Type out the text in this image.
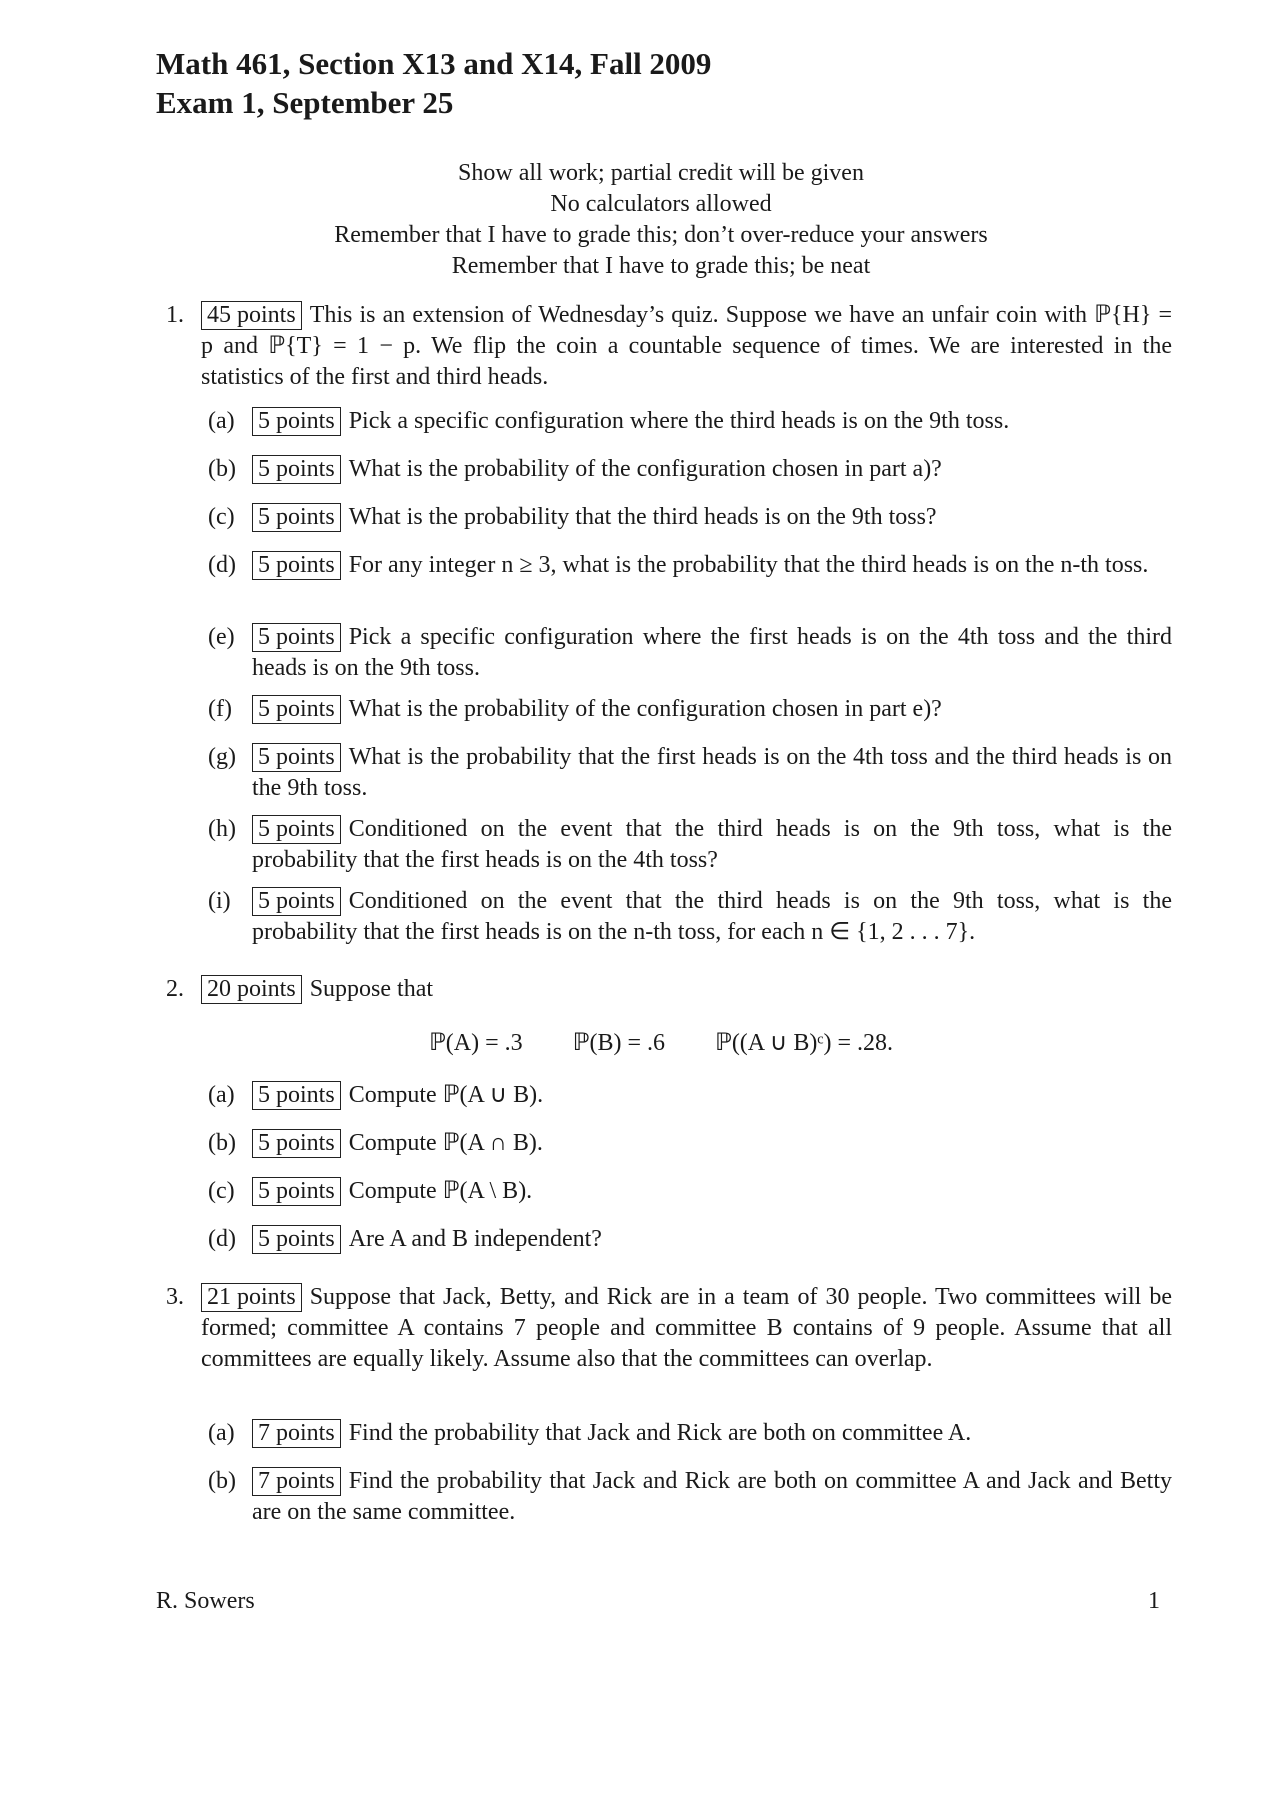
Math 461, Section X13 and X14, Fall 2009
Exam 1, September 25
Show all work; partial credit will be given
No calculators allowed
Remember that I have to grade this; don’t over-reduce your answers
Remember that I have to grade this; be neat
1. 45 points This is an extension of Wednesday’s quiz. Suppose we have an unfair coin with ℙ{H} = p and ℙ{T} = 1 − p. We flip the coin a countable sequence of times. We are interested in the statistics of the first and third heads.
(a) 5 points Pick a specific configuration where the third heads is on the 9th toss.
(b) 5 points What is the probability of the configuration chosen in part a)?
(c) 5 points What is the probability that the third heads is on the 9th toss?
(d) 5 points For any integer n ≥ 3, what is the probability that the third heads is on the n-th toss.
(e) 5 points Pick a specific configuration where the first heads is on the 4th toss and the third heads is on the 9th toss.
(f)	5 points What is the probability of the configuration chosen in part e)?
(g) 5 points What is the probability that the first heads is on the 4th toss and the third heads is on the 9th toss.
(h) 5 points Conditioned on the event that the third heads is on the 9th toss, what is the probability that the first heads is on the 4th toss?
(i)	5 points Conditioned on the event that the third heads is on the 9th toss, what is the probability that the first heads is on the n-th toss, for each n ∈ {1, 2 . . . 7}.
2. 20 points Suppose that
ℙ(A) = .3 ℙ(B) = .6 ℙ((A ∪ B)ᶜ) = .28.
(a) 5 points Compute ℙ(A ∪ B).
(b) 5 points Compute ℙ(A ∩ B).
(c) 5 points Compute ℙ(A \ B).
(d) 5 points Are A and B independent?
3. 21 points Suppose that Jack, Betty, and Rick are in a team of 30 people. Two committees will be formed; committee A contains 7 people and committee B contains of 9 people. Assume that all committees are equally likely. Assume also that the committees can overlap.
(a) 7 points Find the probability that Jack and Rick are both on committee A.
(b) 7 points Find the probability that Jack and Rick are both on committee A and Jack and Betty are on the same committee.
R. Sowers	1
